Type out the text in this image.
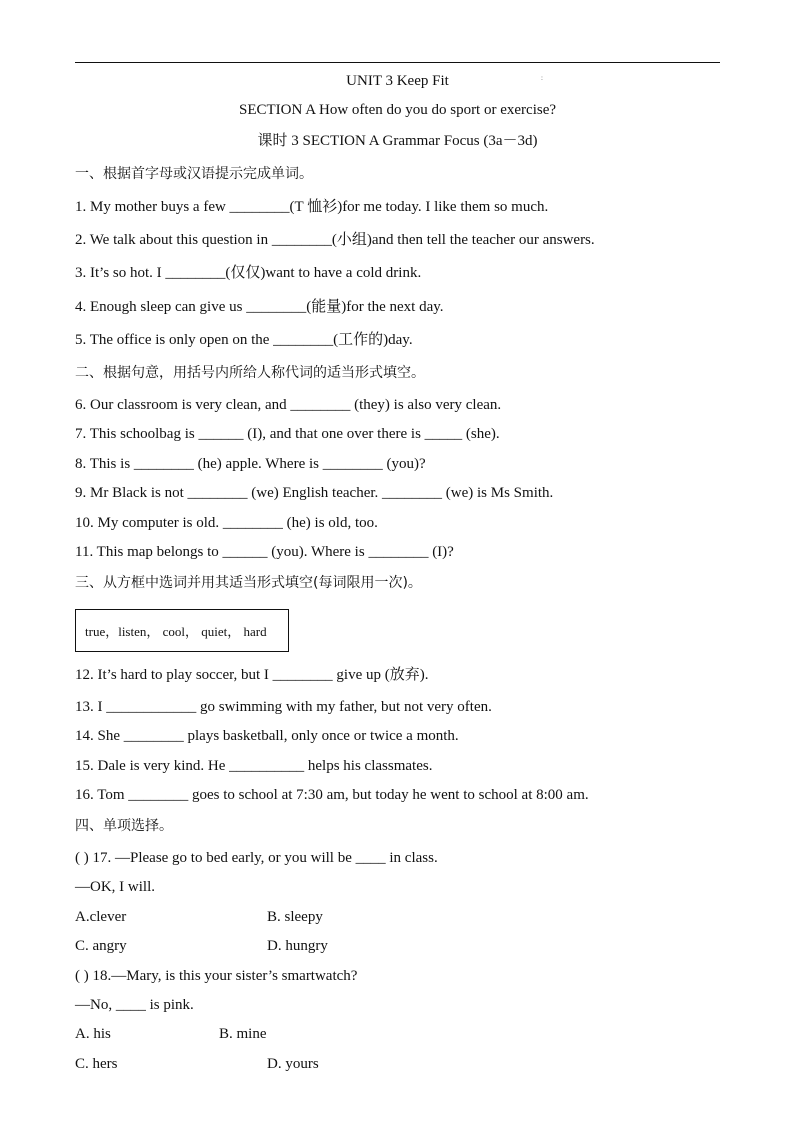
:
UNIT 3 Keep Fit
SECTION A How often do you do sport or exercise?
课时 3 SECTION A Grammar Focus (3a－3d)
一、根据首字母或汉语提示完成单词。
1. My mother buys a few ________(T 恤衫)for me today. I like them so much.
2. We talk about this question in ________(小组)and then tell the teacher our answers.
3. It’s so hot. I ________(仅仅)want to have a cold drink.
4. Enough sleep can give us ________(能量)for the next day.
5. The office is only open on the ________(工作的)day.
二、根据句意，用括号内所给人称代词的适当形式填空。
6. Our classroom is very clean, and ________ (they) is also very clean.
7. This schoolbag is ______ (I), and that one over there is _____ (she).
8. This is ________ (he) apple. Where is ________ (you)?
9. Mr Black is not ________ (we) English teacher. ________ (we) is Ms Smith.
10. My computer is old. ________ (he) is old, too.
11. This map belongs to ______ (you). Where is ________ (I)?
三、从方框中选词并用其适当形式填空(每词限用一次)。
true，listen， cool， quiet， hard
12. It’s hard to play soccer, but I ________ give up (放弃).
13. I ____________ go swimming with my father, but not very often.
14. She ________ plays basketball, only once or twice a month.
15. Dale is very kind. He __________ helps his classmates.
16. Tom ________ goes to school at 7:30 am, but today he went to school at 8:00 am.
四、单项选择。
( ) 17. —Please go to bed early, or you will be ____ in class.
—OK, I will.
A.clever	B. sleepy
C. angry	D. hungry
( ) 18.—Mary, is this your sister’s smartwatch?
—No, ____ is pink.
A. his	B. mine
C. hers	D. yours
